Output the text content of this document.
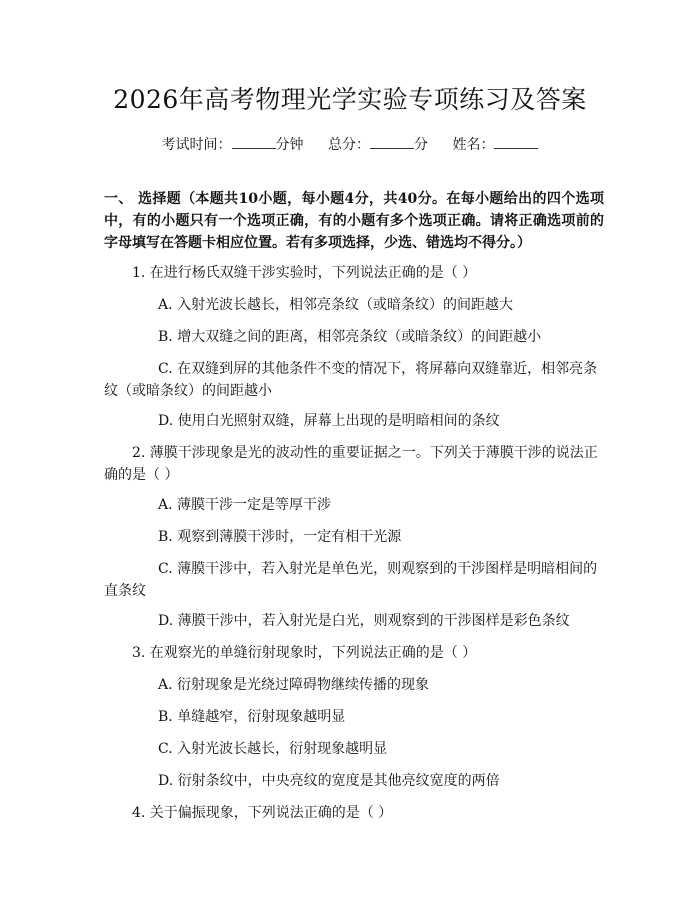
2026年高考物理光学实验专项练习及答案
考试时间：	分钟 总分：	分 姓名：

一、 选择题（本题共10小题，每小题4分，共40分。在每小题给出的四个选项中，有的小题只有一个选项正确，有的小题有多个选项正确。请将正确选项前的字母填写在答题卡相应位置。若有多项选择，少选、错选均不得分。）

1. 在进行杨氏双缝干涉实验时，下列说法正确的是（ ）

A. 入射光波长越长，相邻亮条纹（或暗条纹）的间距越大

B. 增大双缝之间的距离，相邻亮条纹（或暗条纹）的间距越小

C. 在双缝到屏的其他条件不变的情况下，将屏幕向双缝靠近，相邻亮条纹（或暗条纹）的间距越小

D. 使用白光照射双缝，屏幕上出现的是明暗相间的条纹

2. 薄膜干涉现象是光的波动性的重要证据之一。下列关于薄膜干涉的说法正确的是（ ）

A. 薄膜干涉一定是等厚干涉

B. 观察到薄膜干涉时，一定有相干光源

C. 薄膜干涉中，若入射光是单色光，则观察到的干涉图样是明暗相间的直条纹

D. 薄膜干涉中，若入射光是白光，则观察到的干涉图样是彩色条纹

3. 在观察光的单缝衍射现象时，下列说法正确的是（ ）

A. 衍射现象是光绕过障碍物继续传播的现象

B. 单缝越窄，衍射现象越明显

C. 入射光波长越长，衍射现象越明显

D. 衍射条纹中，中央亮纹的宽度是其他亮纹宽度的两倍

4. 关于偏振现象，下列说法正确的是（ ）
